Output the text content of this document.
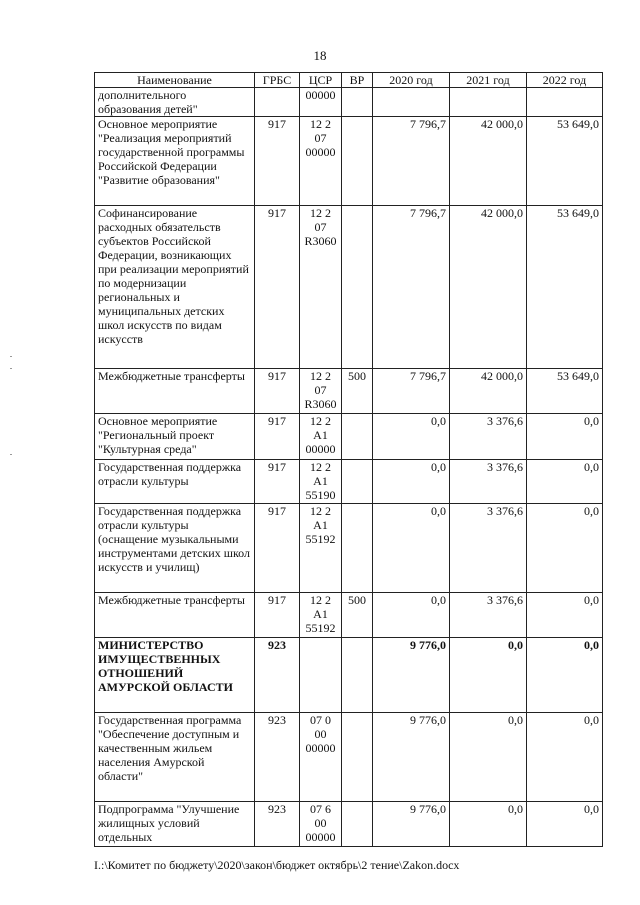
18
Наименование	ГРБС	ЦСР	ВР	2020 год	2021 год	2022 год
дополнительного образования детей"		00000				
Основное мероприятие "Реализация мероприятий государственной программы Российской Федерации "Развитие образования"	917	12 2 07 00000		7 796,7	42 000,0	53 649,0
Софинансирование расходных обязательств субъектов Российской Федерации, возникающих при реализации мероприятий по модернизации региональных и муниципальных детских школ искусств по видам искусств	917	12 2 07 R3060		7 796,7	42 000,0	53 649,0
Межбюджетные трансферты	917	12 2 07 R3060	500	7 796,7	42 000,0	53 649,0
Основное мероприятие "Региональный проект "Культурная среда"	917	12 2 A1 00000		0,0	3 376,6	0,0
Государственная поддержка отрасли культуры	917	12 2 A1 55190		0,0	3 376,6	0,0
Государственная поддержка отрасли культуры (оснащение музыкальными инструментами детских школ искусств и училищ)	917	12 2 A1 55192		0,0	3 376,6	0,0
Межбюджетные трансферты	917	12 2 A1 55192	500	0,0	3 376,6	0,0
МИНИСТЕРСТВО ИМУЩЕСТВЕННЫХ ОТНОШЕНИЙ АМУРСКОЙ ОБЛАСТИ	923			9 776,0	0,0	0,0
Государственная программа "Обеспечение доступным и качественным жильем населения Амурской области"	923	07 0 00 00000		9 776,0	0,0	0,0
Подпрограмма "Улучшение жилищных условий отдельных	923	07 6 00 00000		9 776,0	0,0	0,0
I.:\Комитет по бюджету\2020\закон\бюджет октябрь\2 тение\Zakon.docx
